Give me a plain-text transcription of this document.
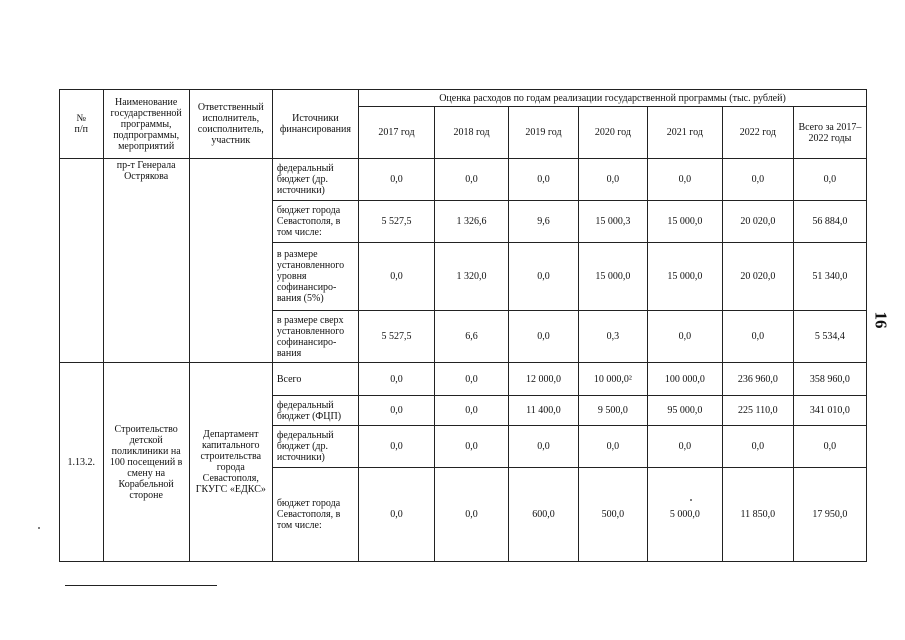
№
п/п	Наименование государственной программы, подпрограммы, мероприятий	Ответственный исполнитель, соисполнитель, участник	Источники финансирования	Оценка расходов по годам реализации государственной программы (тыс. рублей)						
				2017 год	2018 год	2019 год	2020 год	2021 год	2022 год	Всего за 2017–2022 годы
	пр-т Генерала Острякова		федеральный бюджет (др. источники)	0,0	0,0	0,0	0,0	0,0	0,0	0,0
			бюджет города Севастополя, в том числе:	5 527,5	1 326,6	9,6	15 000,3	15 000,0	20 020,0	56 884,0
			в размере установленного уровня софинансиро-вания (5%)	0,0	1 320,0	0,0	15 000,0	15 000,0	20 020,0	51 340,0
			в размере сверх установленного софинансиро-вания	5 527,5	6,6	0,0	0,3	0,0	0,0	5 534,4
1.13.2.	Строительство детской поликлиники на 100 посещений в смену на Корабельной стороне	Департамент капитального строительства города Севастополя, ГКУГС «ЕДКС»	Всего	0,0	0,0	12 000,0	10 000,0²	100 000,0	236 960,0	358 960,0
			федеральный бюджет (ФЦП)	0,0	0,0	11 400,0	9 500,0	95 000,0	225 110,0	341 010,0
			федеральный бюджет (др. источники)	0,0	0,0	0,0	0,0	0,0	0,0	0,0
			бюджет города Севастополя, в том числе:	0,0	0,0	600,0	500,0	5 000,0	11 850,0	17 950,0
16
